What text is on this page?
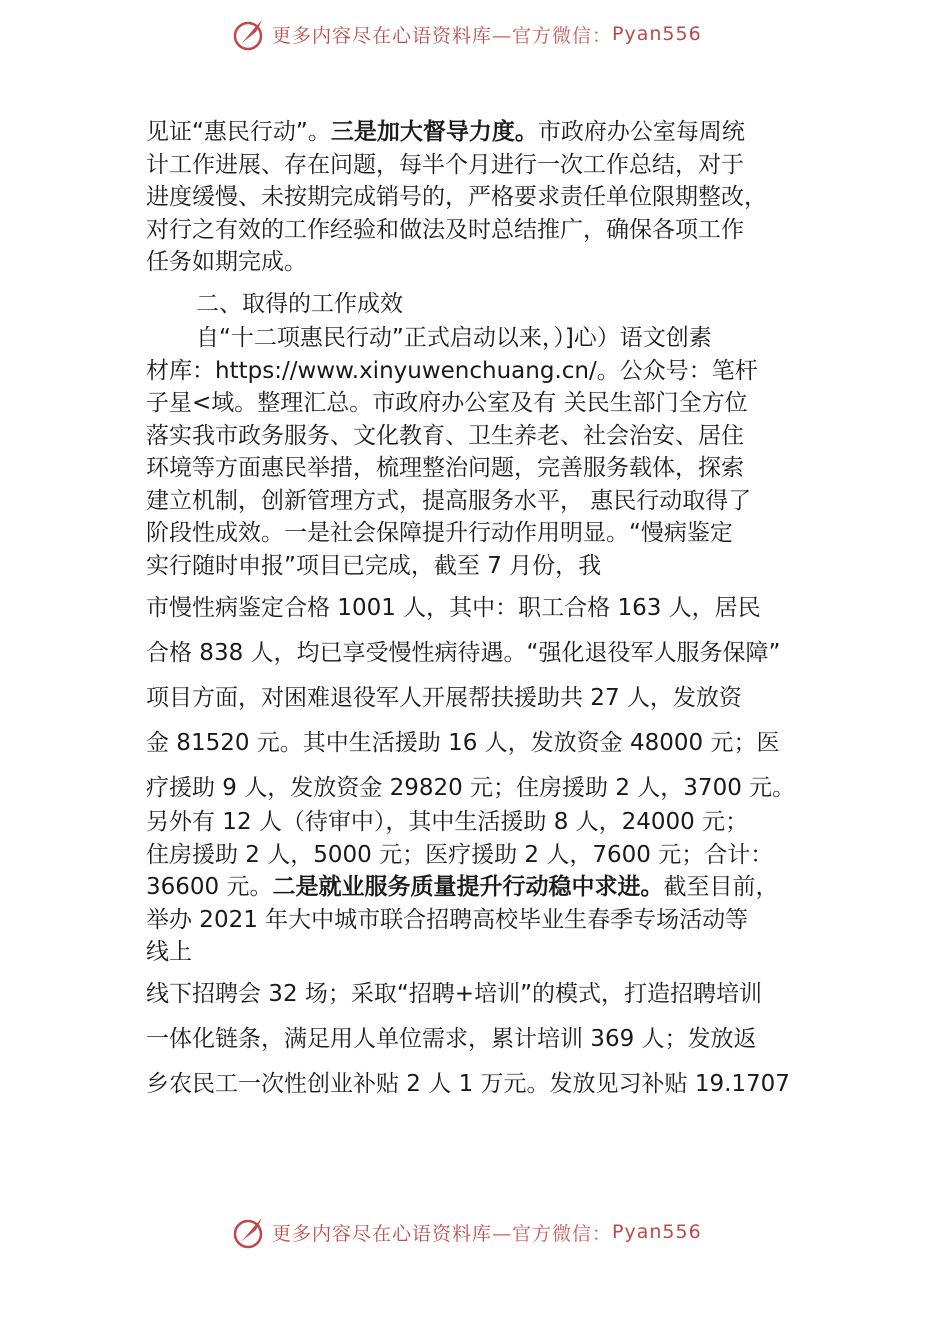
更多内容尽在心语资料库 —官方微信： Pyan556
见证“惠民行动”。三是加大督导力度。市政府办公室每周统
计工作进展、存在问题，每半个月进行一次工作总结，对于
进度缓慢、未按期完成销号的，严格要求责任单位限期整改，
对行之有效的工作经验和做法及时总结推广，确保各项工作
任务如期完成。
二、取得的工作成效
自“十二项惠民行动”正式启动以来，）]心）语文创素
材库：https://www.xinyuwenchuang.cn/。公众号：笔杆
子星<域。整理汇总。市政府办公室及有 关民生部门全方位
落实我市政务服务、文化教育、卫生养老、社会治安、居住
环境等方面惠民举措，梳理整治问题，完善服务载体，探索
建立机制，创新管理方式，提高服务水平， 惠民行动取得了
阶段性成效。一是社会保障提升行动作用明显。“慢病鉴定
实行随时申报”项目已完成，截至 7 月份，我
市慢性病鉴定合格 1001 人，其中：职工合格 163 人，居民
合格 838 人，均已享受慢性病待遇。“强化退役军人服务保障”
项目方面，对困难退役军人开展帮扶援助共 27 人，发放资
金 81520 元。其中生活援助 16 人，发放资金 48000 元；医
疗援助 9 人，发放资金 29820 元；住房援助 2 人，3700 元。
另外有 12 人（待审中），其中生活援助 8 人，24000 元；
住房援助 2 人，5000 元；医疗援助 2 人，7600 元；合计：
36600 元。二是就业服务质量提升行动稳中求进。截至目前，
举办 2021 年大中城市联合招聘高校毕业生春季专场活动等
线上
线下招聘会 32 场；采取“招聘+培训”的模式，打造招聘培训
一体化链条，满足用人单位需求，累计培训 369 人；发放返
乡农民工一次性创业补贴 2 人 1 万元。发放见习补贴 19.1707
更多内容尽在心语资料库 —官方微信： Pyan556
